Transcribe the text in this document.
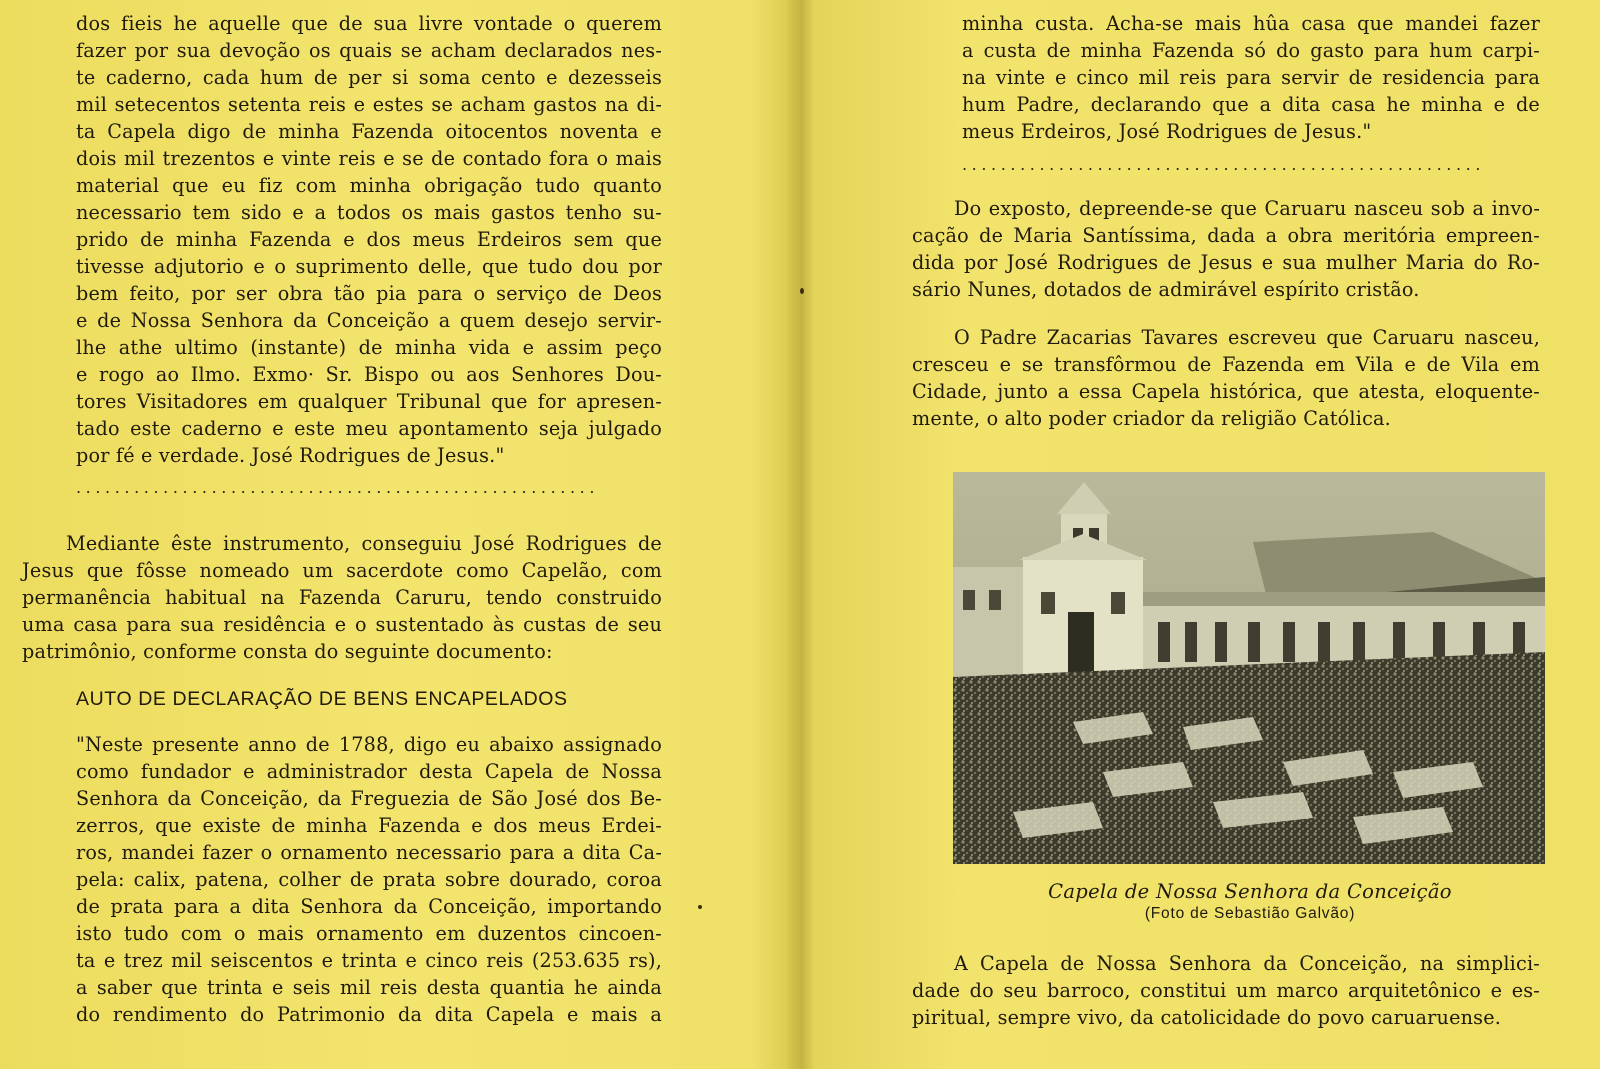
dos fieis he aquelle que de sua livre vontade o querem
fazer por sua devoção os quais se acham declarados nes-
te caderno, cada hum de per si soma cento e dezesseis
mil setecentos setenta reis e estes se acham gastos na di-
ta Capela digo de minha Fazenda oitocentos noventa e
dois mil trezentos e vinte reis e se de contado fora o mais
material que eu fiz com minha obrigação tudo quanto
necessario tem sido e a todos os mais gastos tenho su-
prido de minha Fazenda e dos meus Erdeiros sem que
tivesse adjutorio e o suprimento delle, que tudo dou por
bem feito, por ser obra tão pia para o serviço de Deos
e de Nossa Senhora da Conceição a quem desejo servir-
lhe athe ultimo (instante) de minha vida e assim peço
e rogo ao Ilmo. Exmo· Sr. Bispo ou aos Senhores Dou-
tores Visitadores em qualquer Tribunal que for apresen-
tado este caderno e este meu apontamento seja julgado
por fé e verdade. José Rodrigues de Jesus."

......................................................

Mediante êste instrumento, conseguiu José Rodrigues de
Jesus que fôsse nomeado um sacerdote como Capelão, com
permanência habitual na Fazenda Caruru, tendo construido
uma casa para sua residência e o sustentado às custas de seu
patrimônio, conforme consta do seguinte documento:

AUTO DE DECLARAÇÃO DE BENS ENCAPELADOS

"Neste presente anno de 1788, digo eu abaixo assignado
como fundador e administrador desta Capela de Nossa
Senhora da Conceição, da Freguezia de São José dos Be-
zerros, que existe de minha Fazenda e dos meus Erdei-
ros, mandei fazer o ornamento necessario para a dita Ca-
pela: calix, patena, colher de prata sobre dourado, coroa
de prata para a dita Senhora da Conceição, importando
isto tudo com o mais ornamento em duzentos cincoen-
ta e trez mil seiscentos e trinta e cinco reis (253.635 rs),
a saber que trinta e seis mil reis desta quantia he ainda
do rendimento do Patrimonio da dita Capela e mais a

minha custa. Acha-se mais hûa casa que mandei fazer
a custa de minha Fazenda só do gasto para hum carpi-
na vinte e cinco mil reis para servir de residencia para
hum Padre, declarando que a dita casa he minha e de
meus Erdeiros, José Rodrigues de Jesus."

......................................................

Do exposto, depreende-se que Caruaru nasceu sob a invo-
cação de Maria Santíssima, dada a obra meritória empreen-
dida por José Rodrigues de Jesus e sua mulher Maria do Ro-
sário Nunes, dotados de admirável espírito cristão.

O Padre Zacarias Tavares escreveu que Caruaru nasceu,
cresceu e se transfôrmou de Fazenda em Vila e de Vila em
Cidade, junto a essa Capela histórica, que atesta, eloquente-
mente, o alto poder criador da religião Católica.

Capela de Nossa Senhora da Conceição
(Foto de Sebastião Galvão)

A Capela de Nossa Senhora da Conceição, na simplici-
dade do seu barroco, constitui um marco arquitetônico e es-
piritual, sempre vivo, da catolicidade do povo caruaruense.
